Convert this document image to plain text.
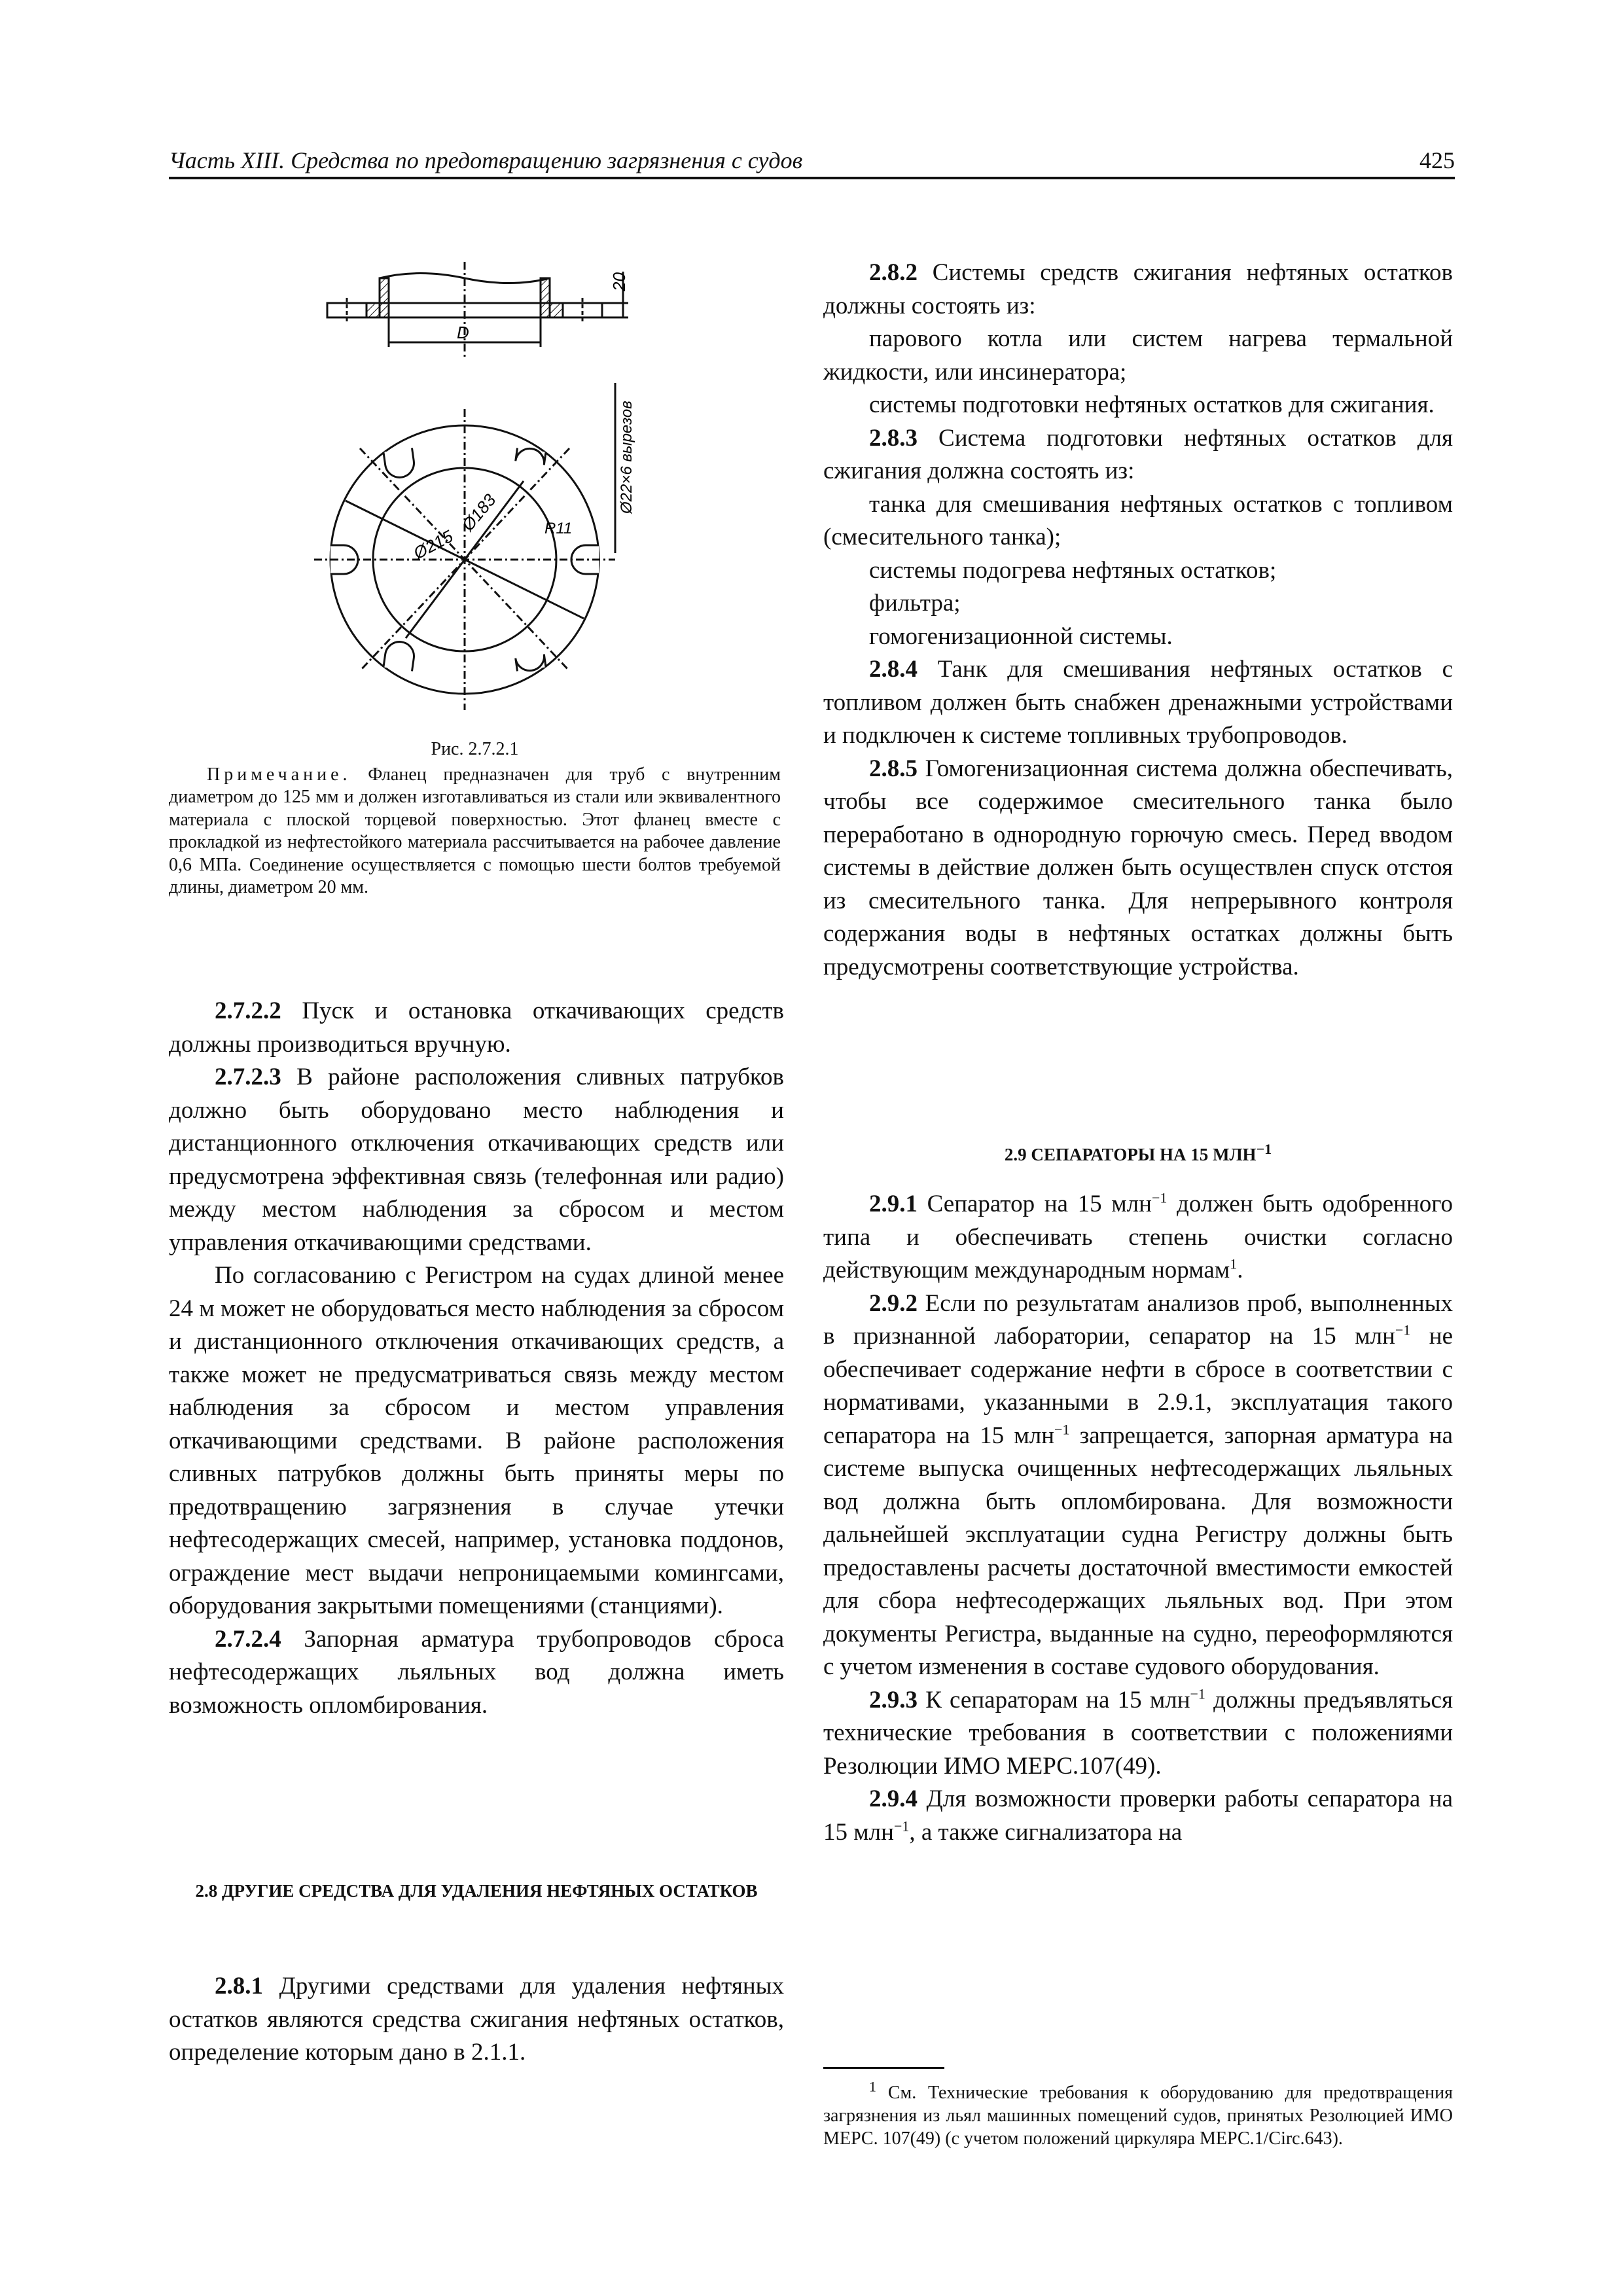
Часть XIII. Средства по предотвращению загрязнения с судов	425
20
D
Ø215
Ø183	R11
Ø22×6 вырезов
Рис. 2.7.2.1
Примечание. Фланец предназначен для труб с внутренним диаметром до 125 мм и должен изготавливаться из стали или эквивалентного материала с плоской торцевой поверхностью. Этот фланец вместе с прокладкой из нефтестойкого материала рассчитывается на рабочее давление 0,6 МПа. Соединение осуществляется с помощью шести болтов требуемой длины, диаметром 20 мм.

2.7.2.2 Пуск и остановка откачивающих средств должны производиться вручную.

2.7.2.3 В районе расположения сливных патрубков должно быть оборудовано место наблюдения и дистанционного отключения откачивающих средств или предусмотрена эффективная связь (телефонная или радио) между местом наблюдения за сбросом и местом управления откачивающими средствами.

По согласованию с Регистром на судах длиной менее 24 м может не оборудоваться место наблюдения за сбросом и дистанционного отключения откачивающих средств, а также может не предусматриваться связь между местом наблюдения за сбросом и местом управления откачивающими средствами. В районе расположения сливных патрубков должны быть приняты меры по предотвращению загрязнения в случае утечки нефтесодержащих смесей, например, установка поддонов, ограждение мест выдачи непроницаемыми комингсами, оборудования закрытыми помещениями (станциями).

2.7.2.4 Запорная арматура трубопроводов сброса нефтесодержащих льяльных вод должна иметь возможность опломбирования.

2.8 ДРУГИЕ СРЕДСТВА ДЛЯ УДАЛЕНИЯ НЕФТЯНЫХ ОСТАТКОВ

2.8.1 Другими средствами для удаления нефтяных остатков являются средства сжигания нефтяных остатков, определение которым дано в 2.1.1.

2.8.2 Системы средств сжигания нефтяных остатков должны состоять из:

парового котла или систем нагрева термальной жидкости, или инсинератора;

системы подготовки нефтяных остатков для сжигания.

2.8.3 Система подготовки нефтяных остатков для сжигания должна состоять из:

танка для смешивания нефтяных остатков с топливом (смесительного танка);

системы подогрева нефтяных остатков;

фильтра;

гомогенизационной системы.

2.8.4 Танк для смешивания нефтяных остатков с топливом должен быть снабжен дренажными устройствами и подключен к системе топливных трубопроводов.

2.8.5 Гомогенизационная система должна обеспечивать, чтобы все содержимое смесительного танка было переработано в однородную горючую смесь. Перед вводом системы в действие должен быть осуществлен спуск отстоя из смесительного танка. Для непрерывного контроля содержания воды в нефтяных остатках должны быть предусмотрены соответствующие устройства.

2.9 СЕПАРАТОРЫ НА 15 $МЛН^{-1}$

2.9.1 Сепаратор на 15 млн$^{-1}$ должен быть одобренного типа и обеспечивать степень очистки согласно действующим международным нормам$^1$.

2.9.2 Если по результатам анализов проб, выполненных в признанной лаборатории, сепаратор на 15 млн$^{-1}$ не обеспечивает содержание нефти в сбросе в соответствии с нормативами, указанными в 2.9.1, эксплуатация такого сепаратора на 15 млн$^{-1}$ запрещается, запорная арматура на системе выпуска очищенных нефтесодержащих льяльных вод должна быть опломбирована. Для возможности дальнейшей эксплуатации судна Регистру должны быть предоставлены расчеты достаточной вместимости емкостей для сбора нефтесодержащих льяльных вод. При этом документы Регистра, выданные на судно, переоформляются с учетом изменения в составе судового оборудования.

2.9.3 К сепараторам на 15 млн$^{-1}$ должны предъявляться технические требования в соответствии с положениями Резолюции ИМО МЕРС.107(49).

2.9.4 Для возможности проверки работы сепаратора на 15 млн$^{-1}$, а также сигнализатора на

$^1$ См. Технические требования к оборудованию для предотвращения загрязнения из льял машинных помещений судов, принятых Резолюцией ИМО МЕРС. 107(49) (с учетом положений циркуляра МЕРС.1/Circ.643).
